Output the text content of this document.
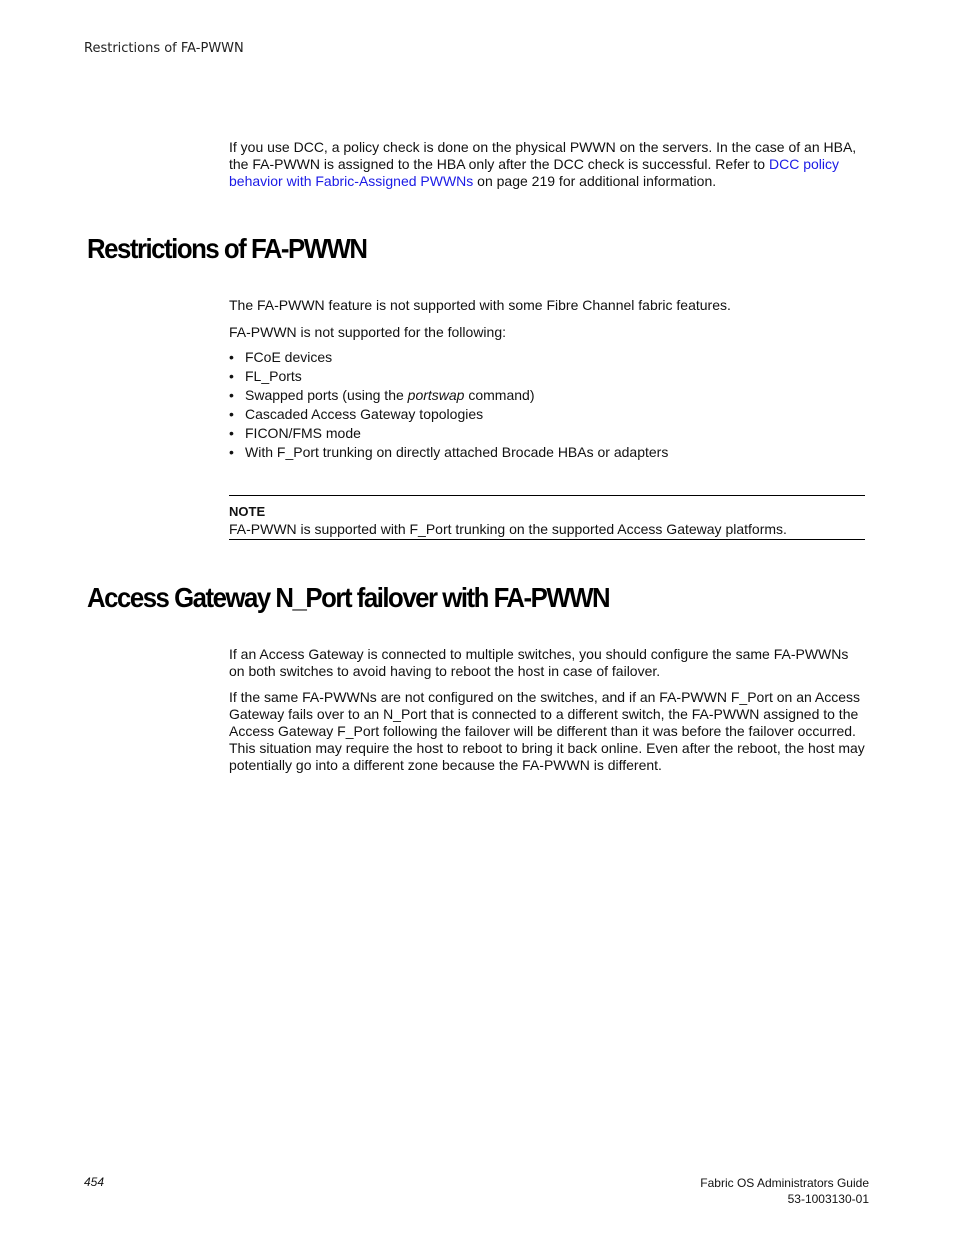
Restrictions of FA-PWWN

If you use DCC, a policy check is done on the physical PWWN on the servers. In the case of an HBA, the FA-PWWN is assigned to the HBA only after the DCC check is successful. Refer to DCC policy behavior with Fabric-Assigned PWWNs on page 219 for additional information.

Restrictions of FA-PWWN

The FA-PWWN feature is not supported with some Fibre Channel fabric features.

FA-PWWN is not supported for the following:

• FCoE devices
• FL_Ports
• Swapped ports (using the portswap command)
• Cascaded Access Gateway topologies
• FICON/FMS mode
• With F_Port trunking on directly attached Brocade HBAs or adapters
NOTE
FA-PWWN is supported with F_Port trunking on the supported Access Gateway platforms.
Access Gateway N_Port failover with FA-PWWN

If an Access Gateway is connected to multiple switches, you should configure the same FA-PWWNs on both switches to avoid having to reboot the host in case of failover.

If the same FA-PWWNs are not configured on the switches, and if an FA-PWWN F_Port on an Access Gateway fails over to an N_Port that is connected to a different switch, the FA-PWWN assigned to the Access Gateway F_Port following the failover will be different than it was before the failover occurred. This situation may require the host to reboot to bring it back online. Even after the reboot, the host may potentially go into a different zone because the FA-PWWN is different.

454	Fabric OS Administrators Guide
53-1003130-01
